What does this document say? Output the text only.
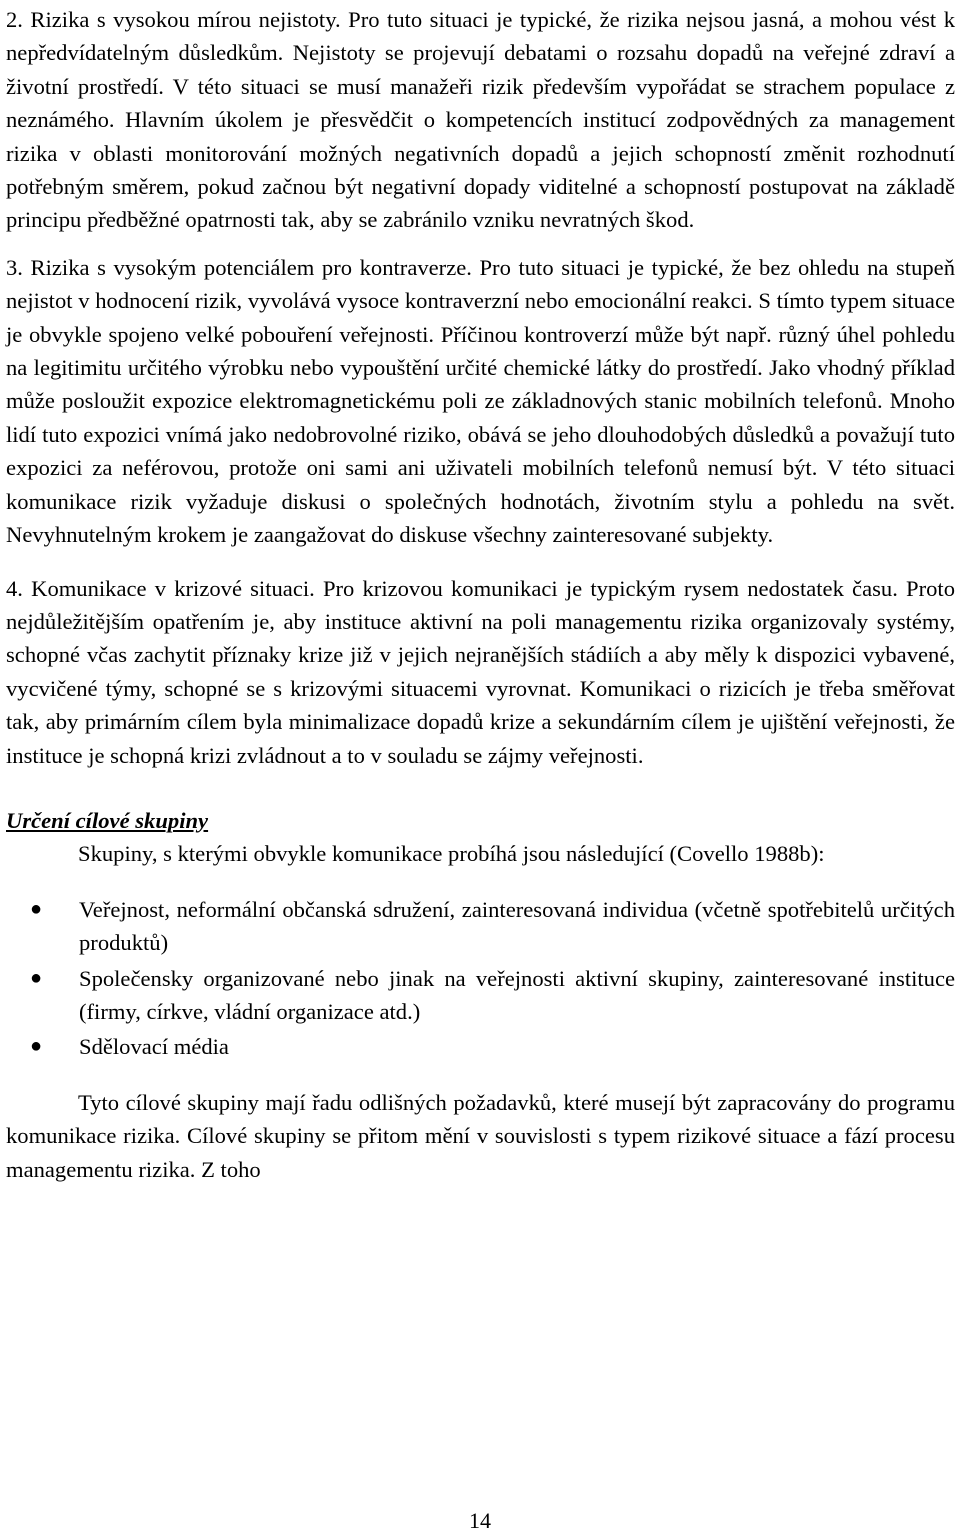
2. Rizika s vysokou mírou nejistoty. Pro tuto situaci je typické, že rizika nejsou jasná, a mohou vést k nepředvídatelným důsledkům. Nejistoty se projevují debatami o rozsahu dopadů na veřejné zdraví a životní prostředí. V této situaci se musí manažeři rizik především vypořádat se strachem populace z neznámého. Hlavním úkolem je přesvědčit o kompetencích institucí zodpovědných za management rizika v oblasti monitorování možných negativních dopadů a jejich schopností změnit rozhodnutí potřebným směrem, pokud začnou být negativní dopady viditelné a schopností postupovat na základě principu předběžné opatrnosti tak, aby se zabránilo vzniku nevratných škod.

3. Rizika s vysokým potenciálem pro kontraverze. Pro tuto situaci je typické, že bez ohledu na stupeň nejistot v hodnocení rizik, vyvolává vysoce kontraverzní nebo emocionální reakci. S tímto typem situace je obvykle spojeno velké pobouření veřejnosti. Příčinou kontroverzí může být např. různý úhel pohledu na legitimitu určitého výrobku nebo vypouštění určité chemické látky do prostředí. Jako vhodný příklad může posloužit expozice elektromagnetickému poli ze základnových stanic mobilních telefonů. Mnoho lidí tuto expozici vnímá jako nedobrovolné riziko, obává se jeho dlouhodobých důsledků a považují tuto expozici za neférovou, protože oni sami ani uživateli mobilních telefonů nemusí být. V této situaci komunikace rizik vyžaduje diskusi o společných hodnotách, životním stylu a pohledu na svět. Nevyhnutelným krokem je zaangažovat do diskuse všechny zainteresované subjekty.

4. Komunikace v krizové situaci. Pro krizovou komunikaci je typickým rysem nedostatek času. Proto nejdůležitějším opatřením je, aby instituce aktivní na poli managementu rizika organizovaly systémy, schopné včas zachytit příznaky krize již v jejich nejranějších stádiích a aby měly k dispozici vybavené, vycvičené týmy, schopné se s krizovými situacemi vyrovnat. Komunikaci o rizicích je třeba směřovat tak, aby primárním cílem byla minimalizace dopadů krize a sekundárním cílem je ujištění veřejnosti, že instituce je schopná krizi zvládnout a to v souladu se zájmy veřejnosti.

Určení cílové skupiny

Skupiny, s kterými obvykle komunikace probíhá jsou následující (Covello 1988b):

● Veřejnost, neformální občanská sdružení, zainteresovaná individua (včetně spotřebitelů určitých produktů)
● Společensky organizované nebo jinak na veřejnosti aktivní skupiny, zainteresované instituce (firmy, církve, vládní organizace atd.)
● Sdělovací média

Tyto cílové skupiny mají řadu odlišných požadavků, které musejí být zapracovány do programu komunikace rizika. Cílové skupiny se přitom mění v souvislosti s typem rizikové situace a fází procesu managementu rizika. Z toho

14
